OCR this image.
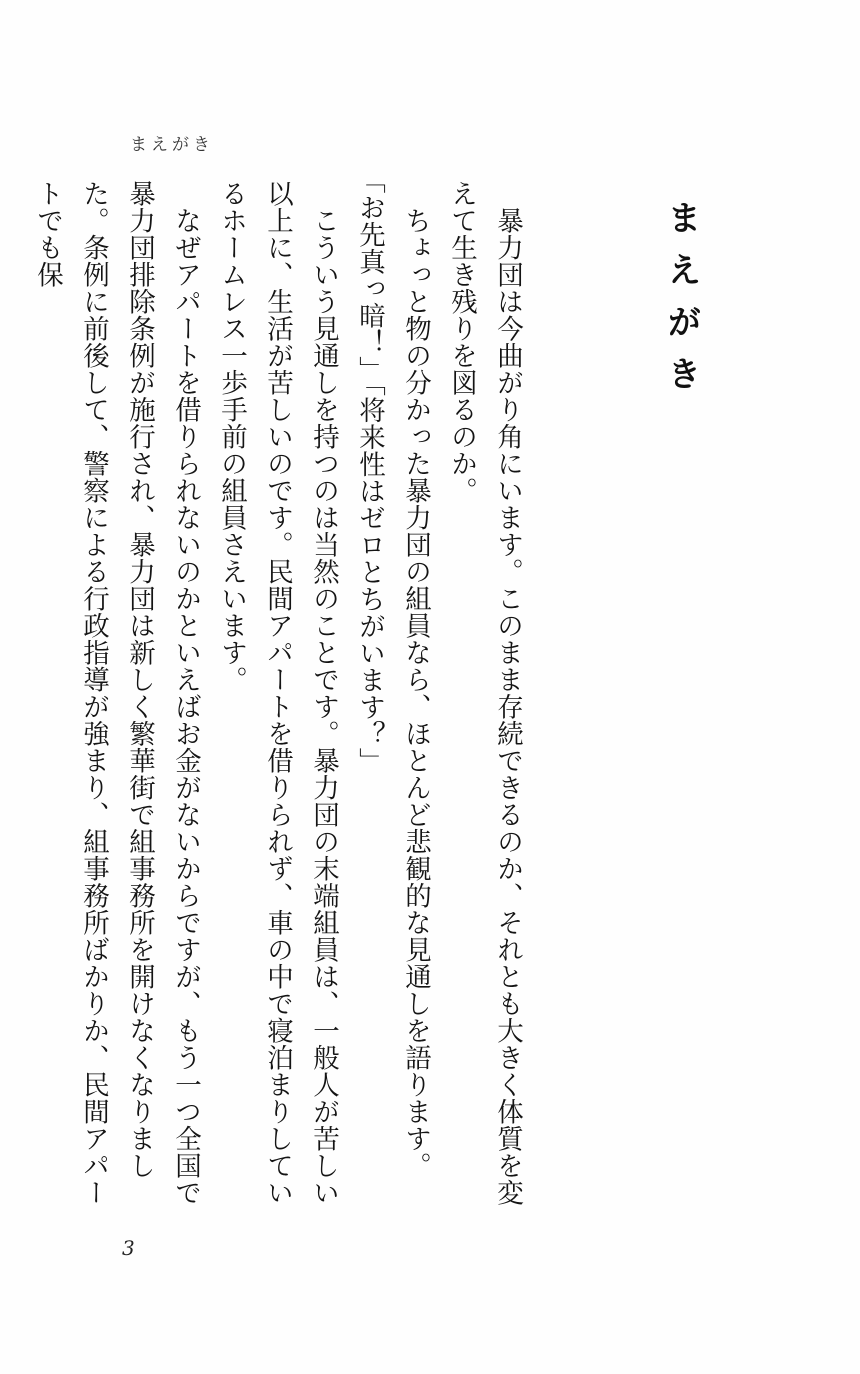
まえがき
まえがき

暴力団は今曲がり角にいます。このまま存続できるのか、それとも大きく体質を変えて生き残りを図るのか。

ちょっと物の分かった暴力団の組員なら、ほとんど悲観的な見通しを語ります。

「お先真っ暗！」「将来性はゼロとちがいます？」

こういう見通しを持つのは当然のことです。暴力団の末端組員は、一般人が苦しい以上に、生活が苦しいのです。民間アパートを借りられず、車の中で寝泊まりしているホームレス一歩手前の組員さえいます。

なぜアパートを借りられないのかといえばお金がないからですが、もう一つ全国で暴力団排除条例が施行され、暴力団は新しく繁華街で組事務所を開けなくなりました。条例に前後して、警察による行政指導が強まり、組事務所ばかりか、民間アパートでも保

3
